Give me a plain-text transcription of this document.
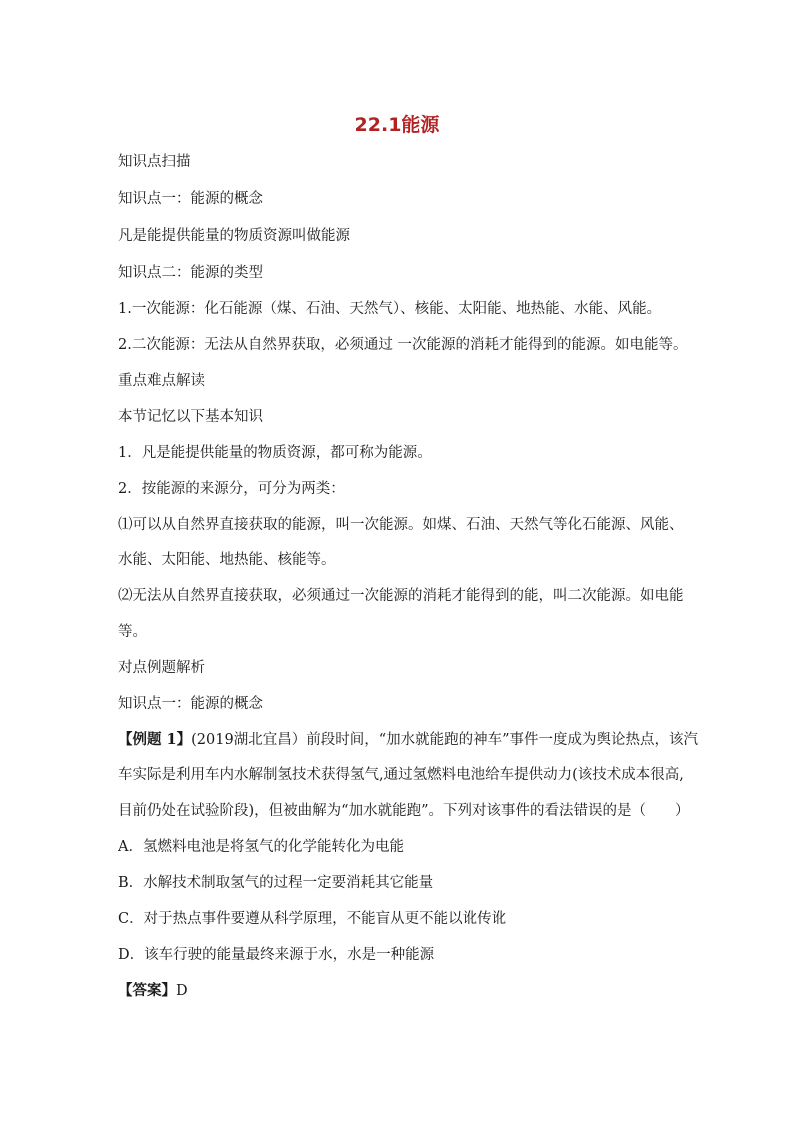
22.1能源
知识点扫描
知识点一：能源的概念
凡是能提供能量的物质资源叫做能源
知识点二：能源的类型
1.一次能源：化石能源（煤、石油、天然气）、核能、太阳能、地热能、水能、风能。
2.二次能源：无法从自然界获取，必须通过 一次能源的消耗才能得到的能源。如电能等。
重点难点解读
本节记忆以下基本知识
1．凡是能提供能量的物质资源，都可称为能源。
2．按能源的来源分，可分为两类：
⑴可以从自然界直接获取的能源，叫一次能源。如煤、石油、天然气等化石能源、风能、
水能、太阳能、地热能、核能等。
⑵无法从自然界直接获取，必须通过一次能源的消耗才能得到的能，叫二次能源。如电能
等。
对点例题解析
知识点一：能源的概念
【例题 1】(2019湖北宜昌）前段时间，“加水就能跑的神车”事件一度成为舆论热点，该汽
车实际是利用车内水解制氢技术获得氢气,通过氢燃料电池给车提供动力(该技术成本很高,
目前仍处在试验阶段)，但被曲解为“加水就能跑”。下列对该事件的看法错误的是（　　）
A．氢燃料电池是将氢气的化学能转化为电能
B．水解技术制取氢气的过程一定要消耗其它能量
C．对于热点事件要遵从科学原理，不能盲从更不能以讹传讹
D．该车行驶的能量最终来源于水，水是一种能源
【答案】D
